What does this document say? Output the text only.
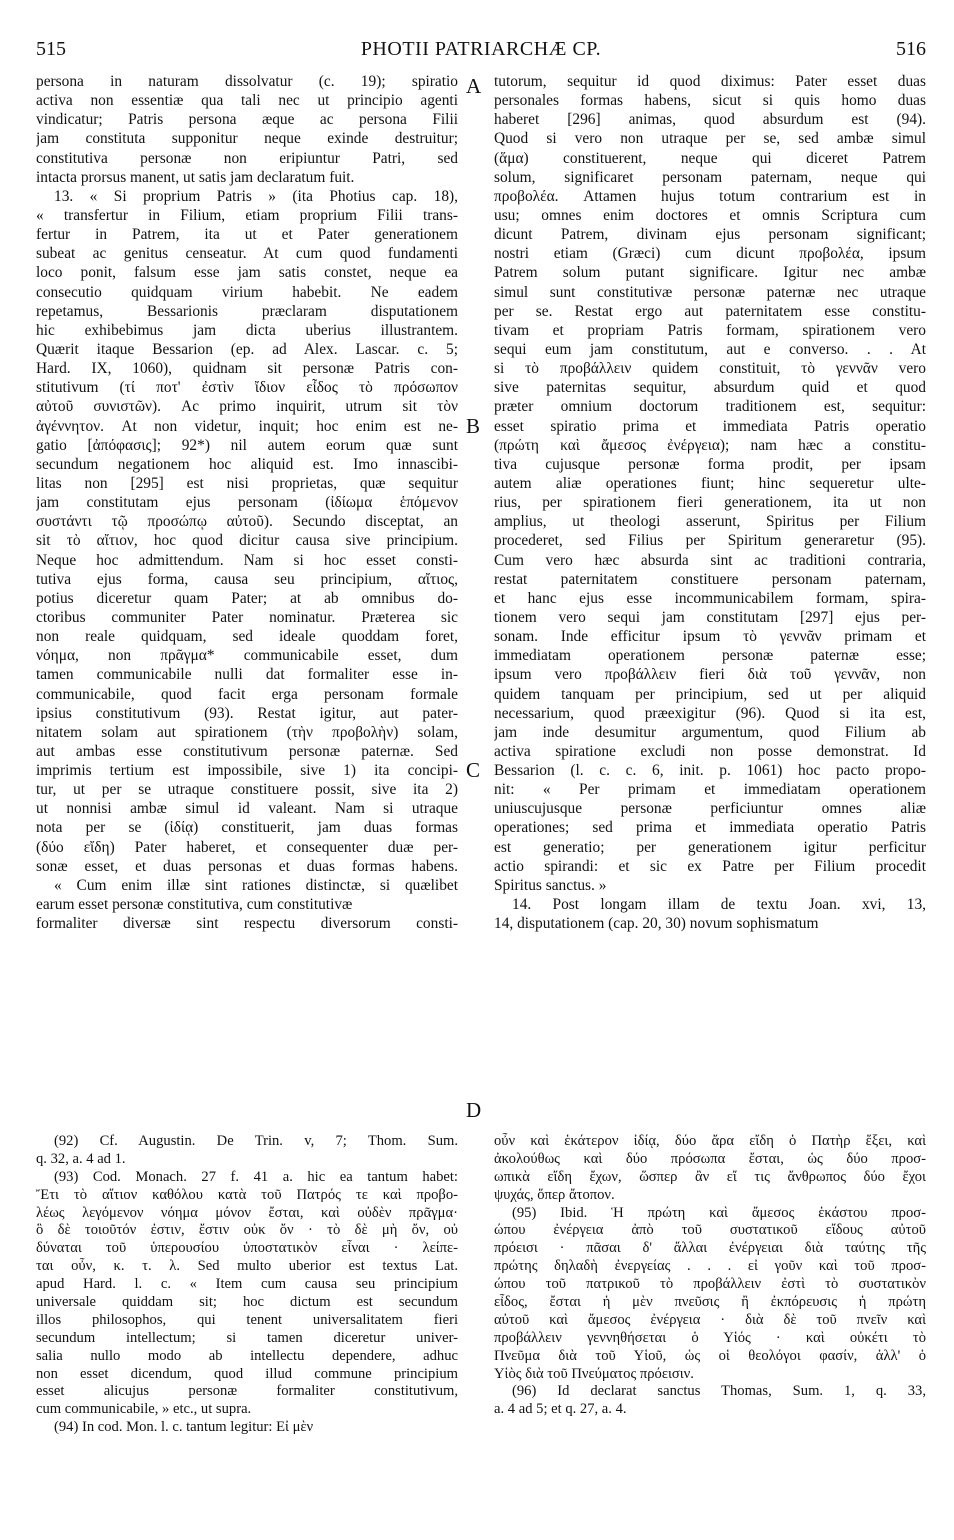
515	PHOTII PATRIARCHÆ CP.	516
persona in naturam dissolvatur (c. 19); spiratio
activa non essentiæ qua tali nec ut principio agenti
vindicatur; Patris persona æque ac persona Filii
jam constituta supponitur neque exinde destruitur;
constitutiva personæ non eripiuntur Patri, sed
intacta prorsus manent, ut satis jam declaratum fuit.
13. « Si proprium Patris » (ita Photius cap. 18),
« transfertur in Filium, etiam proprium Filii trans-
fertur in Patrem, ita ut et Pater generationem
subeat ac genitus censeatur. At cum quod fundamenti
loco ponit, falsum esse jam satis constet, neque ea
consecutio quidquam virium habebit. Ne eadem
repetamus, Bessarionis præclaram disputationem
hic exhibebimus jam dicta uberius illustrantem.
Quærit itaque Bessarion (ep. ad Alex. Lascar. c. 5;
Hard. IX, 1060), quidnam sit personæ Patris con-
stitutivum (τί ποτ' ἐστὶν ἴδιον εἶδος τὸ πρόσωπον
αὐτοῦ συνιστῶν). Ac primo inquirit, utrum sit τὸν
ἀγέννητον. At non videtur, inquit; hoc enim est ne-
gatio [ἀπόφασις]; 92*) nil autem eorum quæ sunt
secundum negationem hoc aliquid est. Imo innascibi-
litas non [295] est nisi proprietas, quæ sequitur
jam constitutam ejus personam (ἰδίωμα ἑπόμενον
συστάντι τῷ προσώπῳ αὐτοῦ). Secundo disceptat, an
sit τὸ αἴτιον, hoc quod dicitur causa sive principium.
Neque hoc admittendum. Nam si hoc esset consti-
tutiva ejus forma, causa seu principium, αἴτιος,
potius diceretur quam Pater; at ab omnibus do-
ctoribus communiter Pater nominatur. Præterea sic
non reale quidquam, sed ideale quoddam foret,
νόημα, non πρᾶγμα* communicabile esset, dum
tamen communicabile nulli dat formaliter esse in-
communicabile, quod facit erga personam formale
ipsius constitutivum (93). Restat igitur, aut pater-
nitatem solam aut spirationem (τὴν προβολὴν) solam,
aut ambas esse constitutivum personæ paternæ. Sed
imprimis tertium est impossibile, sive 1) ita concipi-
tur, ut per se utraque constituere possit, sive ita 2)
ut nonnisi ambæ simul id valeant. Nam si utraque
nota per se (ἰδίᾳ) constituerit, jam duas formas
(δύο εἴδη) Pater haberet, et consequenter duæ per-
sonæ esset, et duas personas et duas formas habens.
« Cum enim illæ sint rationes distinctæ, si quælibet
earum esset personæ constitutiva, cum constitutivæ
formaliter diversæ sint respectu diversorum consti-
tutorum, sequitur id quod diximus: Pater esset duas
personales formas habens, sicut si quis homo duas
haberet [296] animas, quod absurdum est (94).
Quod si vero non utraque per se, sed ambæ simul
(ἅμα) constituerent, neque qui diceret Patrem
solum, significaret personam paternam, neque qui
προβολέα. Attamen hujus totum contrarium est in
usu; omnes enim doctores et omnis Scriptura cum
dicunt Patrem, divinam ejus personam significant;
nostri etiam (Græci) cum dicunt προβολέα, ipsum
Patrem solum putant significare. Igitur nec ambæ
simul sunt constitutivæ personæ paternæ nec utraque
per se. Restat ergo aut paternitatem esse constitu-
tivam et propriam Patris formam, spirationem vero
sequi eum jam constitutum, aut e converso. . . At
si τὸ προβάλλειν quidem constituit, τὸ γεννᾶν vero
sive paternitas sequitur, absurdum quid et quod
præter omnium doctorum traditionem est, sequitur:
esset spiratio prima et immediata Patris operatio
(πρώτη καὶ ἄμεσος ἐνέργεια); nam hæc a constitu-
tiva cujusque personæ forma prodit, per ipsam
autem aliæ operationes fiunt; hinc sequeretur ulte-
rius, per spirationem fieri generationem, ita ut non
amplius, ut theologi asserunt, Spiritus per Filium
procederet, sed Filius per Spiritum generaretur (95).
Cum vero hæc absurda sint ac traditioni contraria,
restat paternitatem constituere personam paternam,
et hanc ejus esse incommunicabilem formam, spira-
tionem vero sequi jam constitutam [297] ejus per-
sonam. Inde efficitur ipsum τὸ γεννᾶν primam et
immediatam operationem personæ paternæ esse;
ipsum vero προβάλλειν fieri διὰ τοῦ γεννᾶν, non
quidem tanquam per principium, sed ut per aliquid
necessarium, quod præexigitur (96). Quod si ita est,
jam inde desumitur argumentum, quod Filium ab
activa spiratione excludi non posse demonstrat. Id
Bessarion (l. c. c. 6, init. p. 1061) hoc pacto propo-
nit: « Per primam et immediatam operationem
uniuscujusque personæ perficiuntur omnes aliæ
operationes; sed prima et immediata operatio Patris
est generatio; per generationem igitur perficitur
actio spirandi: et sic ex Patre per Filium procedit
Spiritus sanctus. »
14. Post longam illam de textu Joan. xvi, 13,
14, disputationem (cap. 20, 30) novum sophismatum
A
B
C
D
(92) Cf. Augustin. De Trin. v, 7; Thom. Sum.
q. 32, a. 4 ad 1.
(93) Cod. Monach. 27 f. 41 a. hic ea tantum habet:
Ἔτι τὸ αἴτιον καθόλου κατὰ τοῦ Πατρός τε καὶ προβο-
λέως λεγόμενον νόημα μόνον ἔσται, καὶ οὐδὲν πρᾶγμα·
ὃ δὲ τοιοῦτόν ἐστιν, ἔστιν οὐκ ὄν · τὸ δὲ μὴ ὄν, οὐ
δύναται τοῦ ὑπερουσίου ὑποστατικὸν εἶναι · λείπε-
ται οὖν, κ. τ. λ. Sed multo uberior est textus Lat.
apud Hard. l. c. « Item cum causa seu principium
universale quiddam sit; hoc dictum est secundum
illos philosophos, qui tenent universalitatem fieri
secundum intellectum; si tamen diceretur univer-
salia nullo modo ab intellectu dependere, adhuc
non esset dicendum, quod illud commune principium
esset alicujus personæ formaliter constitutivum,
cum communicabile, » etc., ut supra.
(94) In cod. Mon. l. c. tantum legitur: Εἰ μὲν
οὖν καὶ ἑκάτερον ἰδίᾳ, δύο ἄρα εἴδη ὁ Πατὴρ ἕξει, καὶ
ἀκολούθως καὶ δύο πρόσωπα ἔσται, ὡς δύο προσ-
ωπικὰ εἴδη ἔχων, ὥσπερ ἂν εἴ τις ἄνθρωπος δύο ἔχοι
ψυχάς, ὅπερ ἄτοπον.
(95) Ibid. Ἡ πρώτη καὶ ἄμεσος ἑκάστου προσ-
ώπου ἐνέργεια ἀπὸ τοῦ συστατικοῦ εἴδους αὐτοῦ
πρόεισι · πᾶσαι δ' ἄλλαι ἐνέργειαι διὰ ταύτης τῆς
πρώτης δηλαδὴ ἐνεργείας . . . εἰ γοῦν καὶ τοῦ προσ-
ώπου τοῦ πατρικοῦ τὸ προβάλλειν ἐστὶ τὸ συστατικὸν
εἶδος, ἔσται ἡ μὲν πνεῦσις ἢ ἐκπόρευσις ἡ πρώτη
αὐτοῦ καὶ ἄμεσος ἐνέργεια · διὰ δὲ τοῦ πνεῖν καὶ
προβάλλειν γεννηθήσεται ὁ Υἱός · καὶ οὐκέτι τὸ
Πνεῦμα διὰ τοῦ Υἱοῦ, ὡς οἱ θεολόγοι φασίν, ἀλλ' ὁ
Υἱὸς διὰ τοῦ Πνεύματος πρόεισιν.
(96) Id declarat sanctus Thomas, Sum. 1, q. 33,
a. 4 ad 5; et q. 27, a. 4.
